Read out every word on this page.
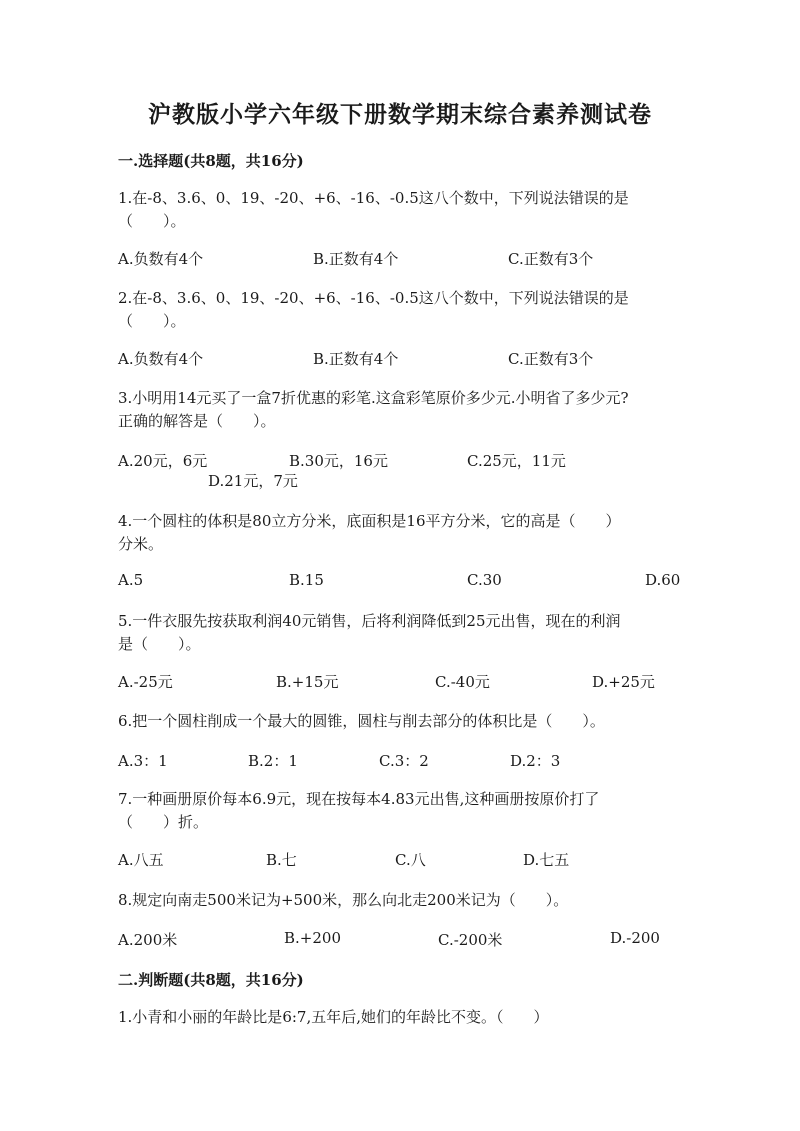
沪教版小学六年级下册数学期末综合素养测试卷
一.选择题(共8题，共16分)
1.在-8、3.6、0、19、-20、+6、-16、-0.5这八个数中，下列说法错误的是
（　　）。
A.负数有4个	B.正数有4个	C.正数有3个
2.在-8、3.6、0、19、-20、+6、-16、-0.5这八个数中，下列说法错误的是
（　　）。
A.负数有4个	B.正数有4个	C.正数有3个
3.小明用14元买了一盒7折优惠的彩笔.这盒彩笔原价多少元.小明省了多少元?
正确的解答是（　　）。
A.20元，6元	B.30元，16元	C.25元，11元
D.21元，7元
4.一个圆柱的体积是80立方分米，底面积是16平方分米，它的高是（　　）
分米。
A.5	B.15	C.30	D.60
5.一件衣服先按获取利润40元销售，后将利润降低到25元出售，现在的利润
是（　　）。
A.-25元	B.+15元	C.-40元	D.+25元
6.把一个圆柱削成一个最大的圆锥，圆柱与削去部分的体积比是（　　）。
A.3：1	B.2：1	C.3：2	D.2：3
7.一种画册原价每本6.9元，现在按每本4.83元出售,这种画册按原价打了
（　　）折。
A.八五	B.七	C.八	D.七五
8.规定向南走500米记为+500米，那么向北走200米记为（　　）。
A.200米	B.+200	C.-200米	D.-200
二.判断题(共8题，共16分)
1.小青和小丽的年龄比是6:7,五年后,她们的年龄比不变。（　　）
